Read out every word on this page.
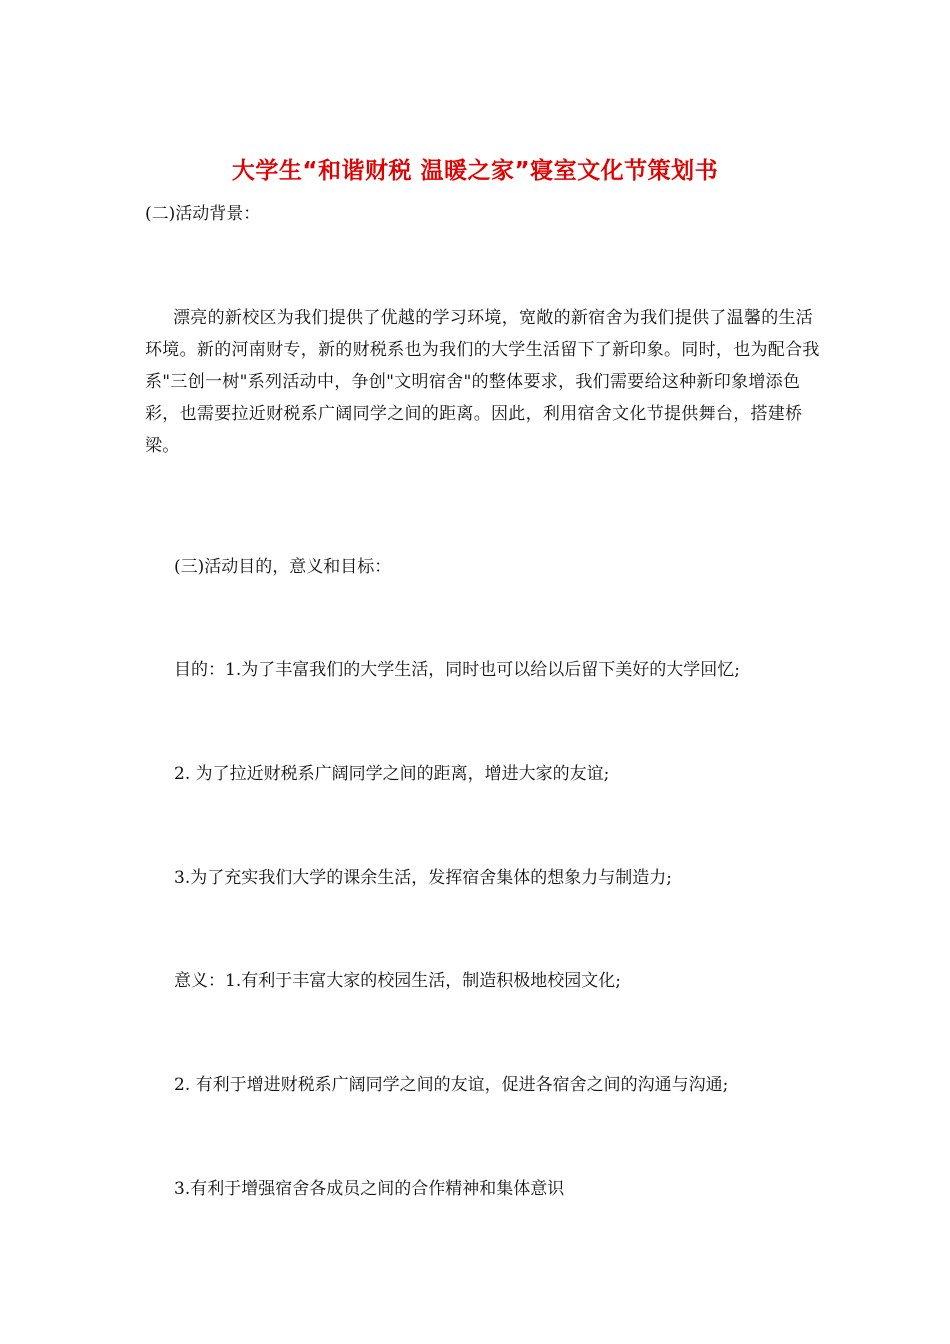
大学生“和谐财税 温暖之家”寝室文化节策划书
(二)活动背景：
漂亮的新校区为我们提供了优越的学习环境，宽敞的新宿舍为我们提供了温馨的生活环境。新的河南财专，新的财税系也为我们的大学生活留下了新印象。同时，也为配合我系"三创一树"系列活动中，争创"文明宿舍"的整体要求，我们需要给这种新印象增添色彩，也需要拉近财税系广阔同学之间的距离。因此，利用宿舍文化节提供舞台，搭建桥梁。
(三)活动目的，意义和目标：
目的：1.为了丰富我们的大学生活，同时也可以给以后留下美好的大学回忆;
2. 为了拉近财税系广阔同学之间的距离，增进大家的友谊;
3.为了充实我们大学的课余生活，发挥宿舍集体的想象力与制造力;
意义：1.有利于丰富大家的校园生活，制造积极地校园文化;
2. 有利于增进财税系广阔同学之间的友谊，促进各宿舍之间的沟通与沟通;
3.有利于增强宿舍各成员之间的合作精神和集体意识
